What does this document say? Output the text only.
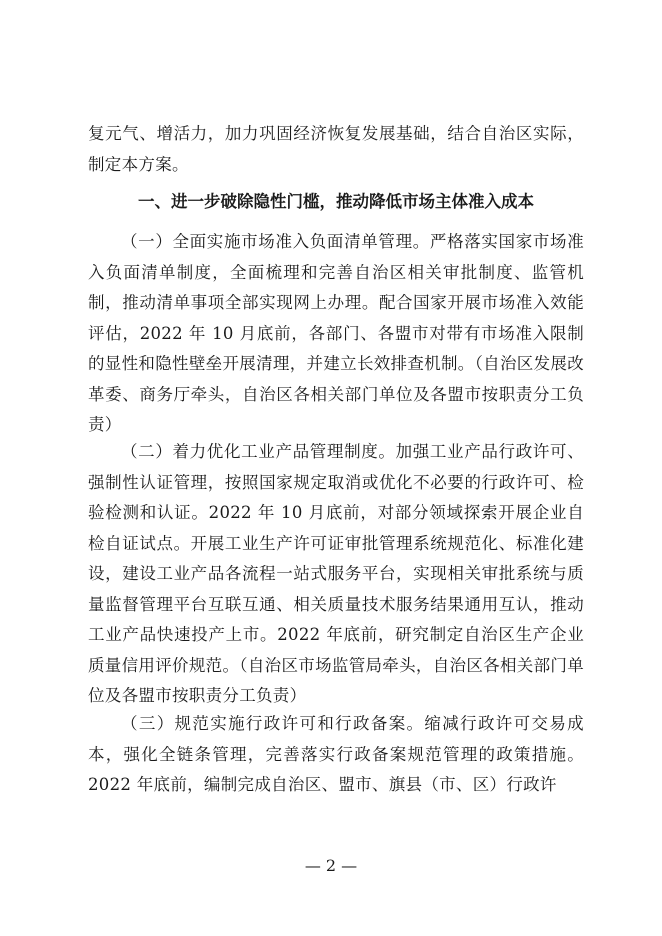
复元气、增活力，加力巩固经济恢复发展基础，结合自治区实际，制定本方案。

一、进一步破除隐性门槛，推动降低市场主体准入成本

（一）全面实施市场准入负面清单管理。严格落实国家市场准入负面清单制度，全面梳理和完善自治区相关审批制度、监管机制，推动清单事项全部实现网上办理。配合国家开展市场准入效能评估，2022 年 10 月底前，各部门、各盟市对带有市场准入限制的显性和隐性壁垒开展清理，并建立长效排查机制。（自治区发展改革委、商务厅牵头，自治区各相关部门单位及各盟市按职责分工负责）

（二）着力优化工业产品管理制度。加强工业产品行政许可、强制性认证管理，按照国家规定取消或优化不必要的行政许可、检验检测和认证。2022 年 10 月底前，对部分领域探索开展企业自检自证试点。开展工业生产许可证审批管理系统规范化、标准化建设，建设工业产品各流程一站式服务平台，实现相关审批系统与质量监督管理平台互联互通、相关质量技术服务结果通用互认，推动工业产品快速投产上市。2022 年底前，研究制定自治区生产企业质量信用评价规范。（自治区市场监管局牵头，自治区各相关部门单位及各盟市按职责分工负责）

（三）规范实施行政许可和行政备案。缩减行政许可交易成本，强化全链条管理，完善落实行政备案规范管理的政策措施。2022 年底前，编制完成自治区、盟市、旗县（市、区）行政许

— 2 —
